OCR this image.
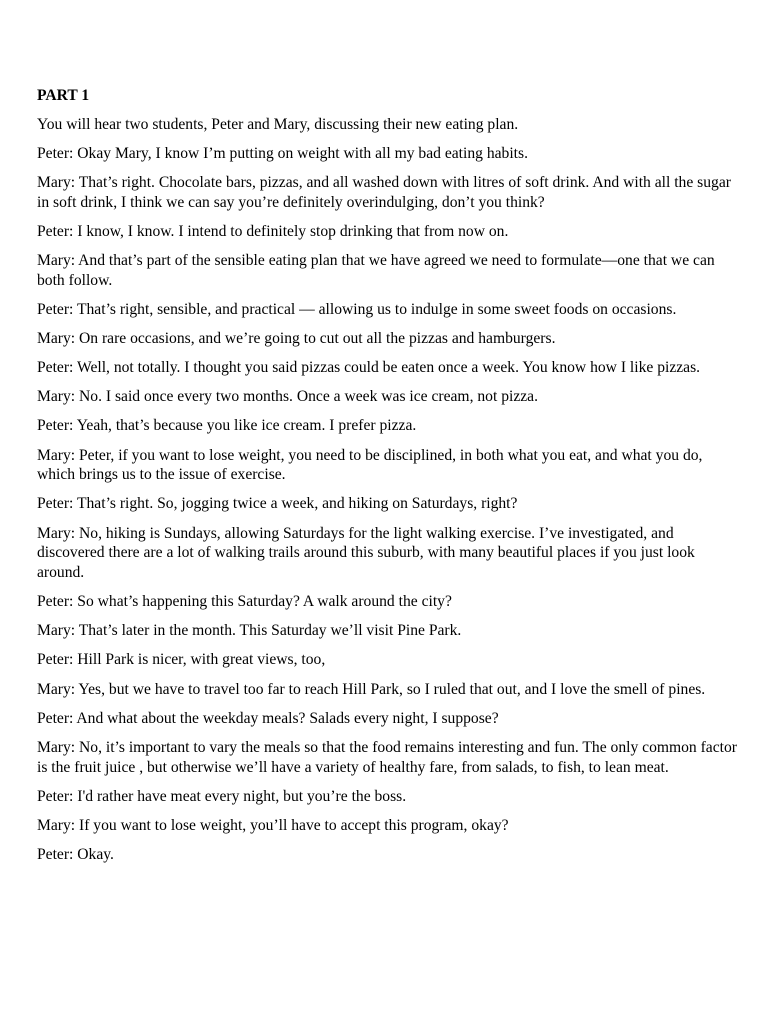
PART 1

You will hear two students, Peter and Mary, discussing their new eating plan.

Peter: Okay Mary, I know I’m putting on weight with all my bad eating habits.

Mary: That’s right. Chocolate bars, pizzas, and all washed down with litres of soft drink. And with all the sugar in soft drink, I think we can say you’re definitely overindulging, don’t you think?

Peter: I know, I know. I intend to definitely stop drinking that from now on.

Mary: And that’s part of the sensible eating plan that we have agreed we need to formulate—one that we can both follow.

Peter: That’s right, sensible, and practical — allowing us to indulge in some sweet foods on occasions.

Mary: On rare occasions, and we’re going to cut out all the pizzas and hamburgers.

Peter: Well, not totally. I thought you said pizzas could be eaten once a week. You know how I like pizzas.

Mary: No. I said once every two months. Once a week was ice cream, not pizza.

Peter: Yeah, that’s because you like ice cream. I prefer pizza.

Mary: Peter, if you want to lose weight, you need to be disciplined, in both what you eat, and what you do, which brings us to the issue of exercise.

Peter: That’s right. So, jogging twice a week, and hiking on Saturdays, right?

Mary: No, hiking is Sundays, allowing Saturdays for the light walking exercise. I’ve investigated, and discovered there are a lot of walking trails around this suburb, with many beautiful places if you just look around.

Peter: So what’s happening this Saturday? A walk around the city?

Mary: That’s later in the month. This Saturday we’ll visit Pine Park.

Peter: Hill Park is nicer, with great views, too,

Mary: Yes, but we have to travel too far to reach Hill Park, so I ruled that out, and I love the smell of pines.

Peter: And what about the weekday meals? Salads every night, I suppose?

Mary: No, it’s important to vary the meals so that the food remains interesting and fun. The only common factor is the fruit juice , but otherwise we’ll have a variety of healthy fare, from salads, to fish, to lean meat.

Peter: I'd rather have meat every night, but you’re the boss.

Mary: If you want to lose weight, you’ll have to accept this program, okay?

Peter: Okay.
